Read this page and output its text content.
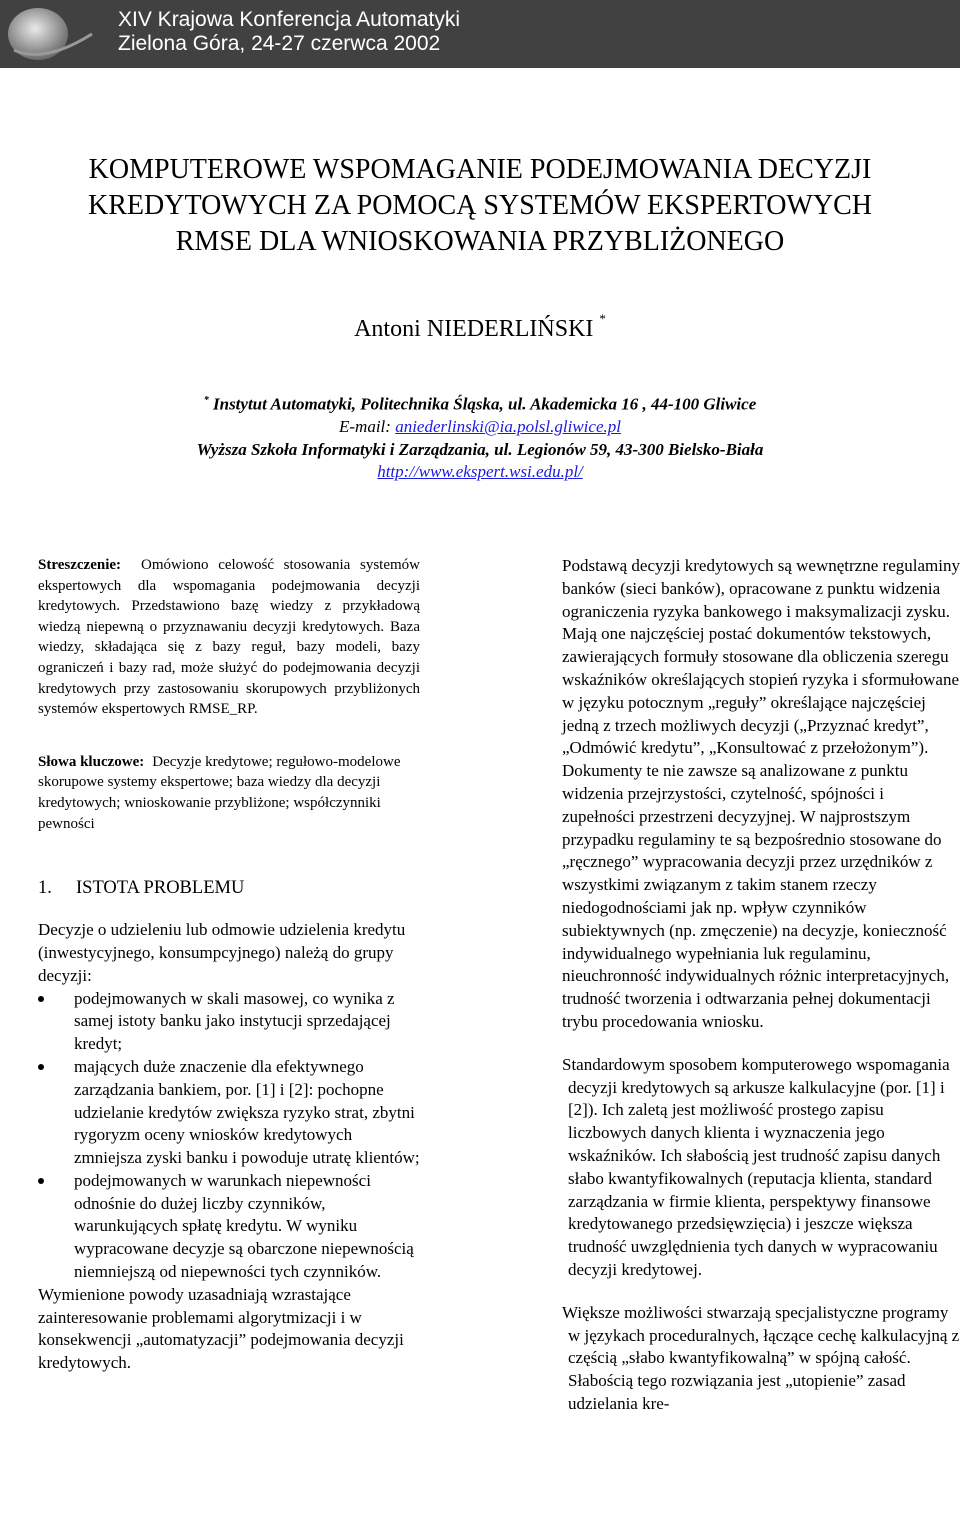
XIV Krajowa Konferencja Automatyki
Zielona Góra, 24-27 czerwca 2002
KOMPUTEROWE WSPOMAGANIE PODEJMOWANIA DECYZJI
KREDYTOWYCH ZA POMOCĄ SYSTEMÓW EKSPERTOWYCH
RMSE DLA WNIOSKOWANIA PRZYBLIŻONEGO
Antoni NIEDERLIŃSKI *
* Instytut Automatyki, Politechnika Śląska, ul. Akademicka 16 , 44-100 Gliwice
E-mail: aniederlinski@ia.polsl.gliwice.pl
Wyższa Szkoła Informatyki i Zarządzania, ul. Legionów 59, 43-300 Bielsko-Biała
http://www.ekspert.wsi.edu.pl/
Streszczenie: Omówiono celowość stosowania systemów ekspertowych dla wspomagania podejmowania decyzji kredytowych. Przedstawiono bazę wiedzy z przykładową wiedzą niepewną o przyznawaniu decyzji kredytowych. Baza wiedzy, składająca się z bazy reguł, bazy modeli, bazy ograniczeń i bazy rad, może służyć do podejmowania decyzji kredytowych przy zastosowaniu skorupowych przybliżonych systemów ekspertowych RMSE_RP.
Słowa kluczowe: Decyzje kredytowe; regułowo-modelowe skorupowe systemy ekspertowe; baza wiedzy dla decyzji kredytowych; wnioskowanie przybliżone; współczynniki pewności
1. ISTOTA PROBLEMU
Decyzje o udzieleniu lub odmowie udzielenia kredytu (inwestycyjnego, konsumpcyjnego) należą do grupy decyzji:
podejmowanych w skali masowej, co wynika z samej istoty banku jako instytucji sprzedającej kredyt;
mających duże znaczenie dla efektywnego zarządzania bankiem, por. [1] i [2]: pochopne udzielanie kredytów zwiększa ryzyko strat, zbytni rygoryzm oceny wniosków kredytowych zmniejsza zyski banku i powoduje utratę klientów;
podejmowanych w warunkach niepewności odnośnie do dużej liczby czynników, warunkujących spłatę kredytu. W wyniku wypracowane decyzje są obarczone niepewnością niemniejszą od niepewności tych czynników.
Wymienione powody uzasadniają wzrastające zainteresowanie problemami algorytmizacji i w konsekwencji „automatyzacji” podejmowania decyzji kredytowych.
Podstawą decyzji kredytowych są wewnętrzne regulaminy banków (sieci banków), opracowane z punktu widzenia ograniczenia ryzyka bankowego i maksymalizacji zysku. Mają one najczęściej postać dokumentów tekstowych, zawierających formuły stosowane dla obliczenia szeregu wskaźników określających stopień ryzyka i sformułowane w języku potocznym „reguły” określające najczęściej jedną z trzech możliwych decyzji („Przyznać kredyt”, „Odmówić kredytu”, „Konsultować z przełożonym”). Dokumenty te nie zawsze są analizowane z punktu widzenia przejrzystości, czytelność, spójności i zupełności przestrzeni decyzyjnej. W najprostszym przypadku regulaminy te są bezpośrednio stosowane do „ręcznego” wypracowania decyzji przez urzędników z wszystkimi związanym z takim stanem rzeczy niedogodnościami jak np. wpływ czynników subiektywnych (np. zmęczenie) na decyzje, konieczność indywidualnego wypełniania luk regulaminu, nieuchronność indywidualnych różnic interpretacyjnych, trudność tworzenia i odtwarzania pełnej dokumentacji trybu procedowania wniosku.
Standardowym sposobem komputerowego wspomagania decyzji kredytowych są arkusze kalkulacyjne (por. [1] i [2]). Ich zaletą jest możliwość prostego zapisu liczbowych danych klienta i wyznaczenia jego wskaźników. Ich słabością jest trudność zapisu danych słabo kwantyfikowalnych (reputacja klienta, standard zarządzania w firmie klienta, perspektywy finansowe kredytowanego przedsięwzięcia) i jeszcze większa trudność uwzględnienia tych danych w wypracowaniu decyzji kredytowej.
Większe możliwości stwarzają specjalistyczne programy w językach proceduralnych, łączące cechę kalkulacyjną z częścią „słabo kwantyfikowalną” w spójną całość. Słabością tego rozwiązania jest „utopienie” zasad udzielania kre-
